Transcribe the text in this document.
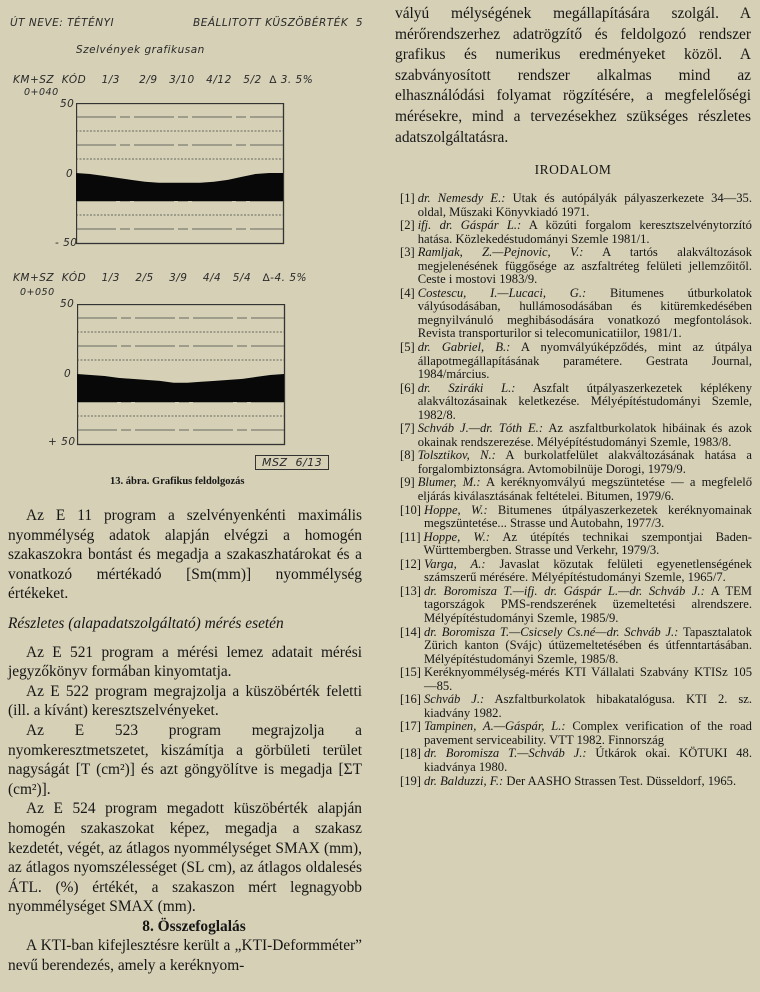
ÚT NEVE: TÉTÉNYI	BEÁLLITOTT KÜSZÖBÉRTÉK  5
Szelvények grafikusan
KM+SZ  KÓD    1/3     2/9   3/10   4/12   5/2  ∆ 3. 5%
0+040
50
0
- 50
KM+SZ  KÓD    1/3    2/5    3/9    4/4   5/4   ∆-4. 5%
0+050
50
0
+ 50
MSZ  6/13
13. ábra. Grafikus feldolgozás

Az E 11 program a szelvényenkénti maximális nyommélység adatok alapján elvégzi a homogén szakaszokra bontást és megadja a szakaszhatárokat és a vonatkozó mértékadó [Sm(mm)] nyommélység értékeket.

Részletes (alapadatszolgáltató) mérés esetén

Az E 521 program a mérési lemez adatait mérési jegyzőkönyv formában kinyomtatja.

Az E 522 program megrajzolja a küszöbérték feletti (ill. a kívánt) keresztszelvényeket.

Az E 523 program megrajzolja a nyomkeresztmetszetet, kiszámítja a görbületi terület nagyságát [T (cm²)] és azt göngyölítve is megadja [ΣT (cm²)].

Az E 524 program megadott küszöbérték alapján homogén szakaszokat képez, megadja a szakasz kezdetét, végét, az átlagos nyommélységet SMAX (mm), az átlagos nyomszélességet (SL cm), az átlagos oldalesés ÁTL. (%) értékét, a szakaszon mért legnagyobb nyommélységet SMAX (mm).

8. Összefoglalás

A KTI-ban kifejlesztésre került a „KTI-Deformméter” nevű berendezés, amely a keréknyom-

vályú mélységének megállapítására szolgál. A mérőrendszerhez adatrögzítő és feldolgozó rendszer grafikus és numerikus eredményeket közöl. A szabványosított rendszer alkalmas mind az elhasználódási folyamat rögzítésére, a megfelelőségi mérésekre, mind a tervezésekhez szükséges részletes adatszolgáltatásra.
IRODALOM
[1] dr. Nemesdy E.: Utak és autópályák pályaszerkezete 34—35. oldal, Műszaki Könyvkiadó 1971.
[2] ifj. dr. Gáspár L.: A közúti forgalom keresztszelvénytorzító hatása. Közlekedéstudományi Szemle 1981/1.
[3] Ramljak, Z.—Pejnovic, V.: A tartós alakváltozások megjelenésének függősége az aszfaltréteg felületi jellemzőitől. Ceste i mostovi 1983/9.
[4] Costescu, I.—Lucaci, G.: Bitumenes útburkolatok vályúsodásában, hullámosodásában és kitüremkedésében megnyilvánuló meghibásodására vonatkozó megfontolások. Revista transporturilor si telecomunicatiilor, 1981/1.
[5] dr. Gabriel, B.: A nyomvályúképződés, mint az útpálya állapotmegállapításának paramétere. Gestrata Journal, 1984/március.
[6] dr. Sziráki L.: Aszfalt útpályaszerkezetek képlékeny alakváltozásainak keletkezése. Mélyépítéstudományi Szemle, 1982/8.
[7] Schváb J.—dr. Tóth E.: Az aszfaltburkolatok hibáinak és azok okainak rendszerezése. Mélyépítéstudományi Szemle, 1983/8.
[8] Tolsztikov, N.: A burkolatfelület alakváltozásának hatása a forgalombiztonságra. Avtomobilnüje Dorogi, 1979/9.
[9] Blumer, M.: A keréknyomvályú megszüntetése — a megfelelő eljárás kiválasztásának feltételei. Bitumen, 1979/6.
[10] Hoppe, W.: Bitumenes útpályaszerkezetek keréknyomainak megszüntetése... Strasse und Autobahn, 1977/3.
[11] Hoppe, W.: Az útépítés technikai szempontjai Baden-Württembergben. Strasse und Verkehr, 1979/3.
[12] Varga, A.: Javaslat közutak felületi egyenetlenségének számszerű mérésére. Mélyépítéstudományi Szemle, 1965/7.
[13] dr. Boromisza T.—ifj. dr. Gáspár L.—dr. Schváb J.: A TEM tagországok PMS-rendszerének üzemeltetési alrendszere. Mélyépítéstudományi Szemle, 1985/9.
[14] dr. Boromisza T.—Csicsely Cs.né—dr. Schváb J.: Tapasztalatok Zürich kanton (Svájc) útüzemeltetésében és útfenntartásában. Mélyépítéstudományi Szemle, 1985/8.
[15] Keréknyommélység-mérés KTI Vállalati Szabvány KTISz 105—85.
[16] Schváb J.: Aszfaltburkolatok hibakatalógusa. KTI 2. sz. kiadvány 1982.
[17] Tampinen, A.—Gáspár, L.: Complex verification of the road pavement serviceability. VTT 1982. Finnország
[18] dr. Boromisza T.—Schváb J.: Útkárok okai. KÖTUKI 48. kiadványa 1980.
[19] dr. Balduzzi, F.: Der AASHO Strassen Test. Düsseldorf, 1965.
